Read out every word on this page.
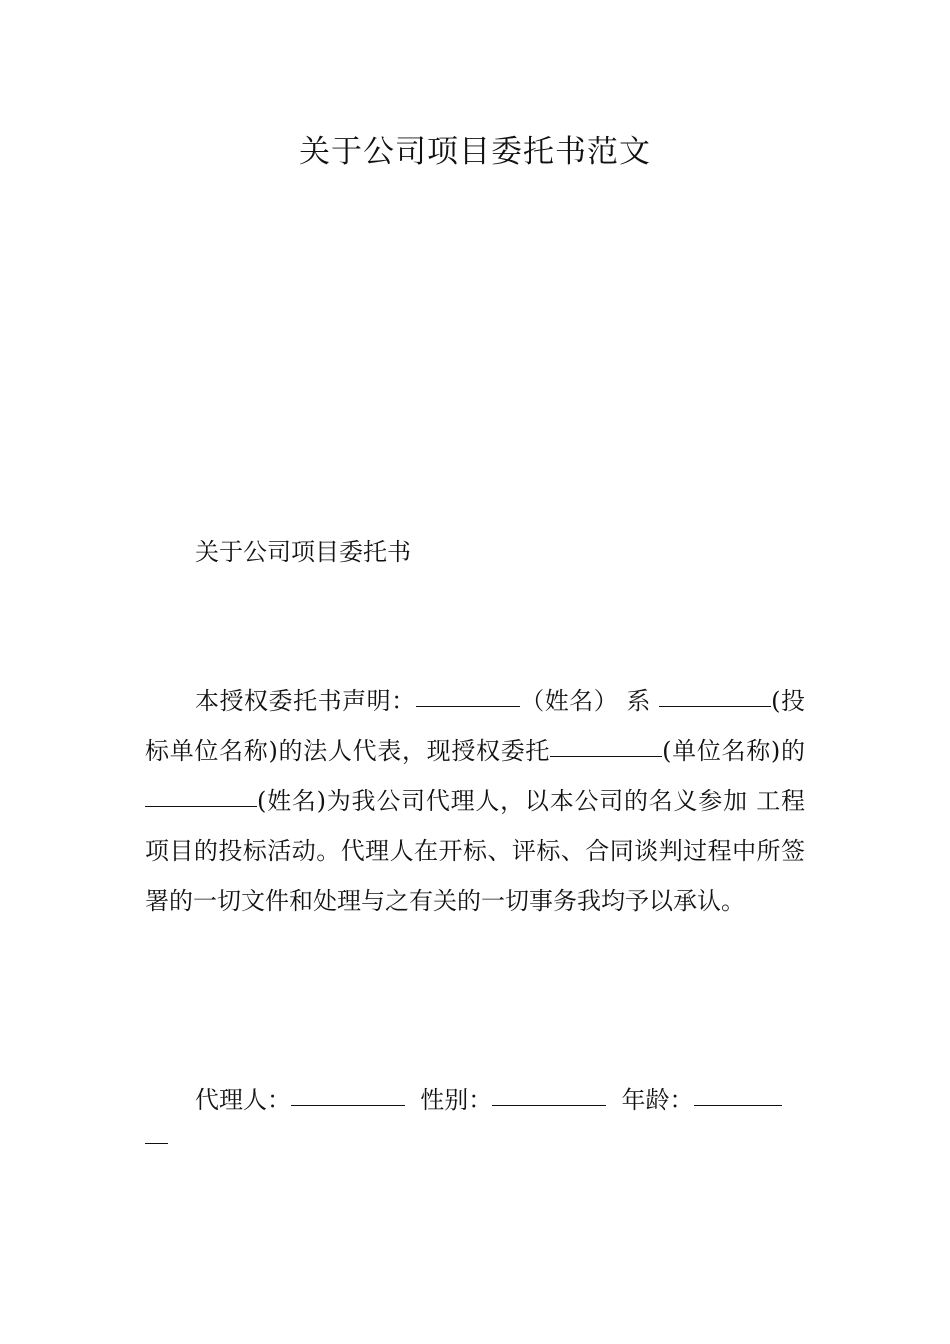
关于公司项目委托书范文
关于公司项目委托书

本授权委托书声明：	（姓名） 系	(投标单位名称)的法人代表，现授权委托	(单位名称)的(姓名)为我公司代理人，以本公司的名义参加 工程项目的投标活动。代理人在开标、评标、合同谈判过程中所签署的一切文件和处理与之有关的一切事务我均予以承认。

代理人：	性别：	年龄：
